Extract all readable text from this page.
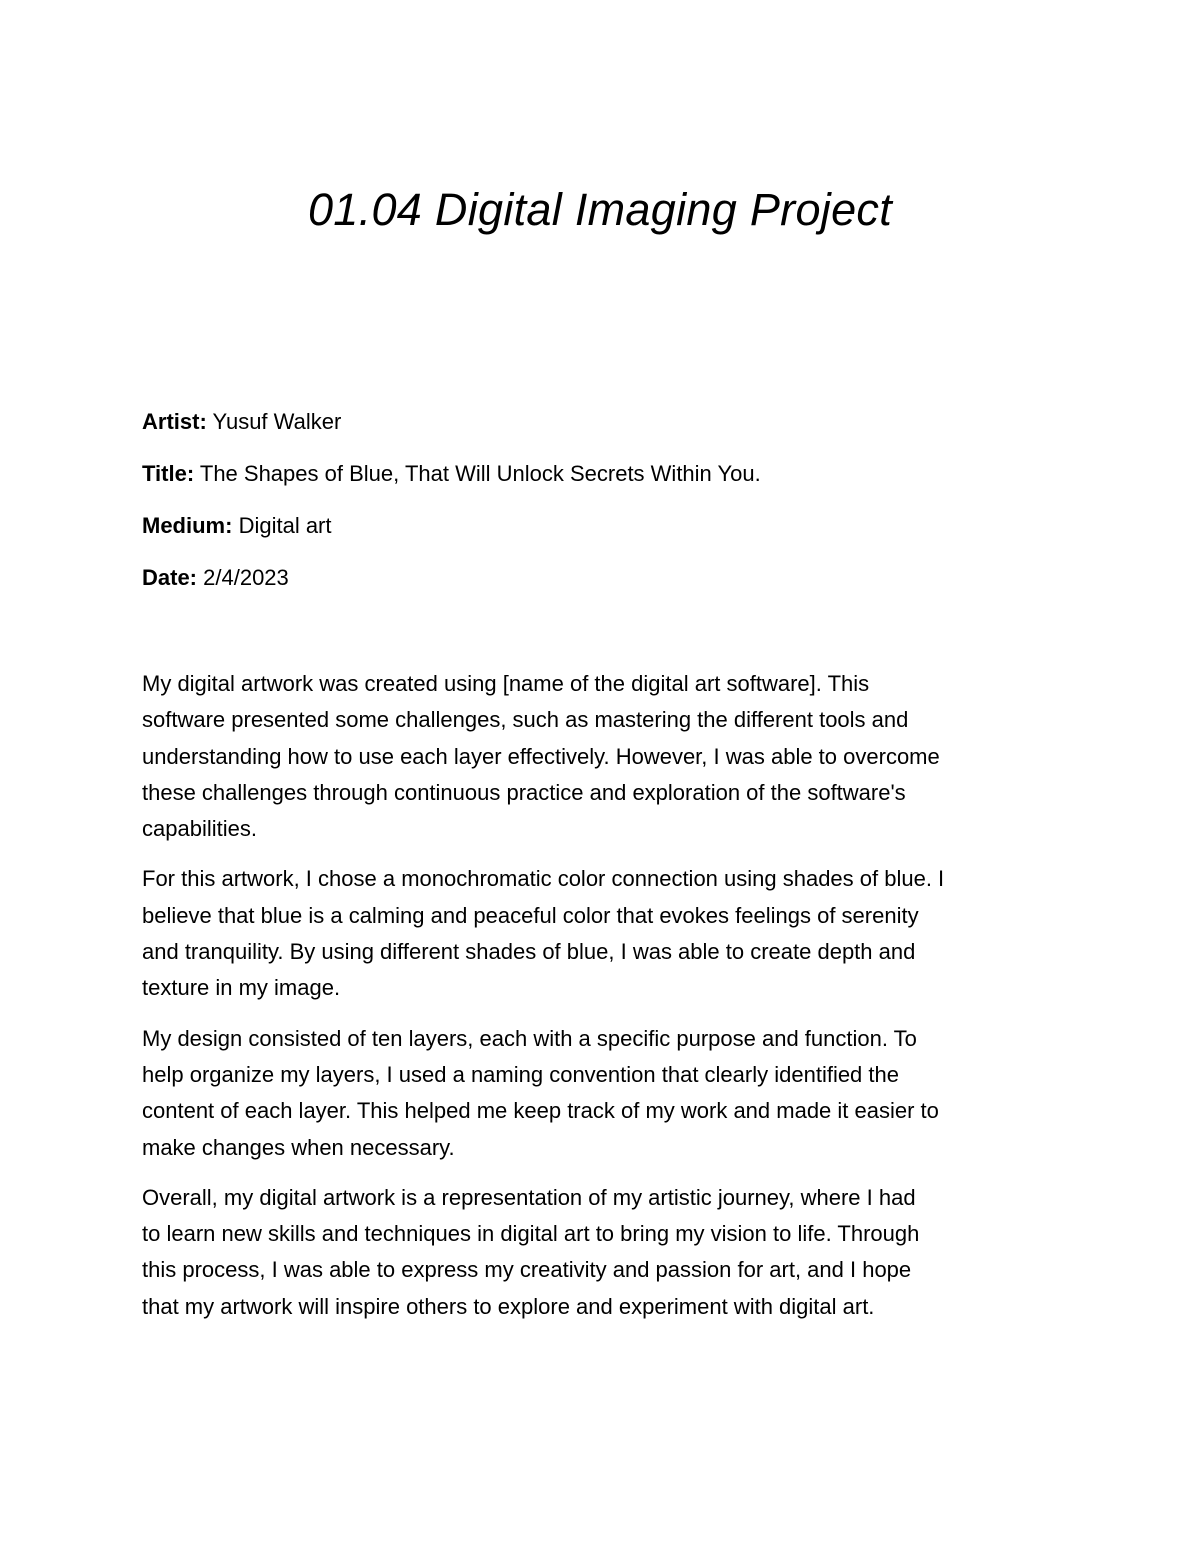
01.04 Digital Imaging Project

Artist: Yusuf Walker

Title: The Shapes of Blue, That Will Unlock Secrets Within You.

Medium: Digital art

Date: 2/4/2023

My digital artwork was created using [name of the digital art software]. This
software presented some challenges, such as mastering the different tools and
understanding how to use each layer effectively. However, I was able to overcome
these challenges through continuous practice and exploration of the software's
capabilities.

For this artwork, I chose a monochromatic color connection using shades of blue. I
believe that blue is a calming and peaceful color that evokes feelings of serenity
and tranquility. By using different shades of blue, I was able to create depth and
texture in my image.

My design consisted of ten layers, each with a specific purpose and function. To
help organize my layers, I used a naming convention that clearly identified the
content of each layer. This helped me keep track of my work and made it easier to
make changes when necessary.

Overall, my digital artwork is a representation of my artistic journey, where I had
to learn new skills and techniques in digital art to bring my vision to life. Through
this process, I was able to express my creativity and passion for art, and I hope
that my artwork will inspire others to explore and experiment with digital art.
